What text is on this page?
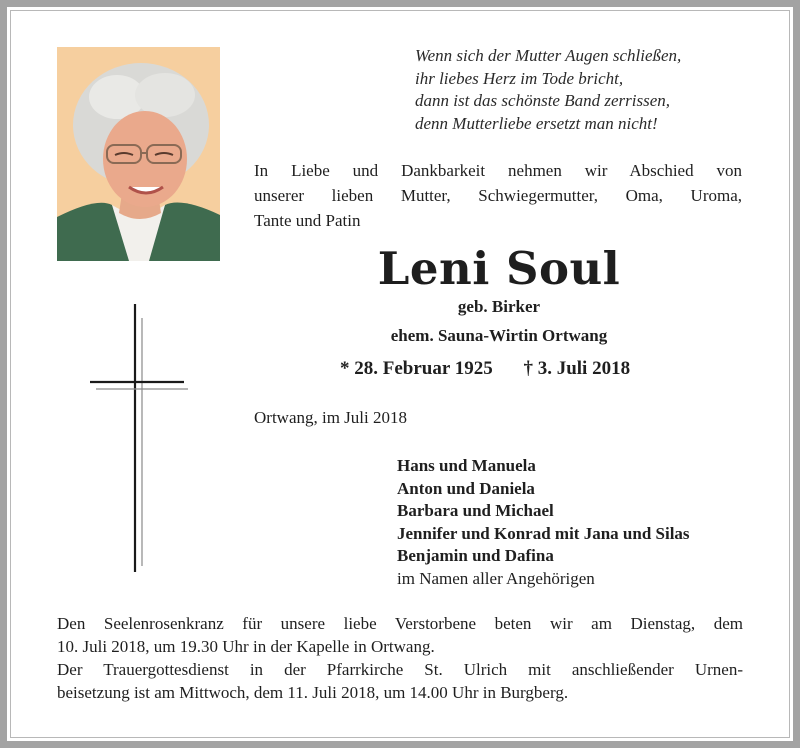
Wenn sich der Mutter Augen schließen,
ihr liebes Herz im Tode bricht,
dann ist das schönste Band zerrissen,
denn Mutterliebe ersetzt man nicht!
In Liebe und Dankbarkeit nehmen wir Abschied von
unserer lieben Mutter, Schwiegermutter, Oma, Uroma,
Tante und Patin
Leni Soul
geb. Birker
ehem. Sauna-Wirtin Ortwang
* 28. Februar 1925 † 3. Juli 2018
Ortwang, im Juli 2018
Hans und Manuela
Anton und Daniela
Barbara und Michael
Jennifer und Konrad mit Jana und Silas
Benjamin und Dafina
im Namen aller Angehörigen
Den Seelenrosenkranz für unsere liebe Verstorbene beten wir am Dienstag, dem
10. Juli 2018, um 19.30 Uhr in der Kapelle in Ortwang.
Der Trauergottesdienst in der Pfarrkirche St. Ulrich mit anschließender Urnen-
beisetzung ist am Mittwoch, dem 11. Juli 2018, um 14.00 Uhr in Burgberg.
